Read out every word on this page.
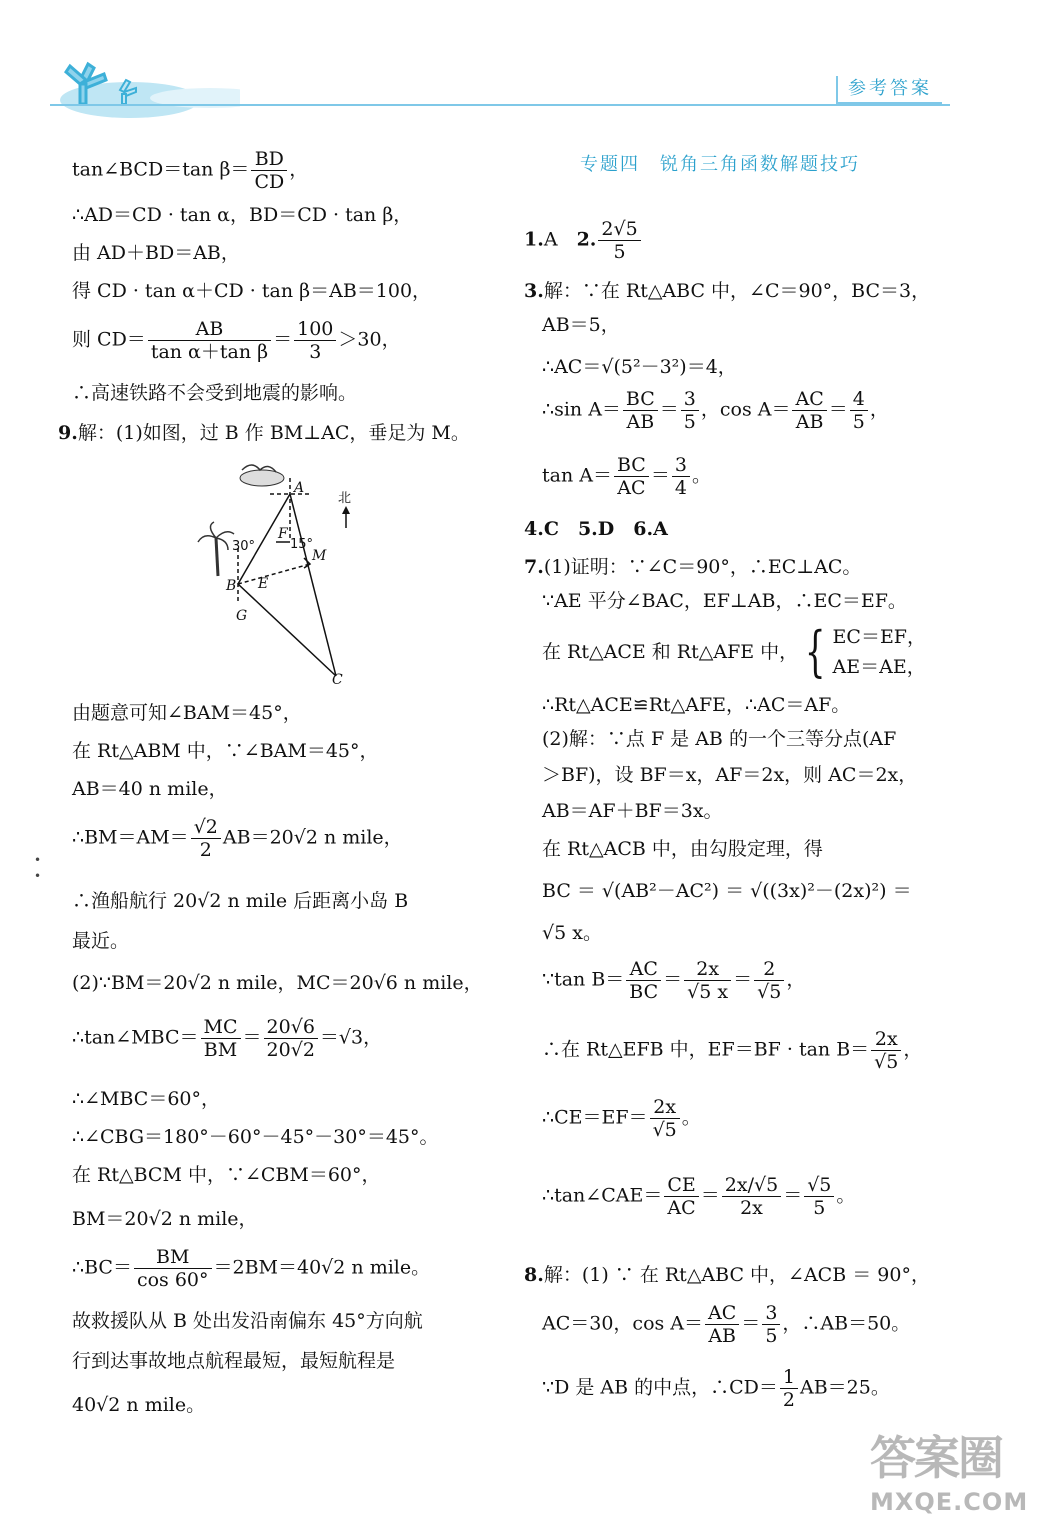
参考答案
tan∠BCD＝tan $\beta= \frac{BD}{CD}$ ，
∴AD＝CD · tan α，BD＝CD · tan β，
由 AD＋BD＝AB，
得 CD · tan α＋CD · tan β＝AB＝100，
则 $CD= \frac{AB}{\text{tan α＋tan β}} = \frac{100}{3} >30$，
∴高速铁路不会受到地震的影响。
9.解：(1)如图，过 B 作 BM⊥AC，垂足为 M。
由题意可知∠BAM＝45°，
在 Rt△ABM 中，∵∠BAM＝45°，
AB＝40 n mile，
∴BM＝AM＝ $\frac{√2}{2} AB=20√2$ n mile，
∴渔船航行 20√2 n mile 后距离小岛 B
最近。
(2)∵BM＝20√2 n mile，MC＝20√6 n mile，
∴tan∠MBC＝ $\frac{MC}{BM} = \frac{20√6}{20√2} =√3$，
∴∠MBC＝60°，
∴∠CBG＝180°－60°－45°－30°＝45°。
在 Rt△BCM 中，∵∠CBM＝60°，
BM＝20√2 n mile，
∴BC＝ $\frac{BM}{\cos 60^\circ} =2BM=40√2$ n mile。
故救援队从 B 处出发沿南偏东 45°方向航
行到达事故地点航程最短，最短航程是
40√2 n mile。
A
B
C
E
F
G
M
北
30°	15°
•
•
专题四　锐角三角函数解题技巧
1.A　2. $\frac{2√5}{5}$
3.解：∵在 Rt△ABC 中，∠C＝90°，BC＝3，
AB＝5，
∴AC＝√(5²－3²)＝4，
∴sin $A= \frac{BC}{AB} = \frac{3}{5}$ ，$\cos A= \frac{AC}{AB} = \frac{4}{5}$ ，
$\tan A= \frac{BC}{AC} = \frac{3}{4}$ 。
4.C　5.D　6.A
7.(1)证明：∵∠C＝90°，∴EC⊥AC。
∵AE 平分∠BAC，EF⊥AB，∴EC＝EF。
在 Rt△ACE 和 Rt△AFE 中， { EC＝EF，
AE＝AE，
∴Rt△ACE≌Rt△AFE，∴AC＝AF。
(2)解：∵点 F 是 AB 的一个三等分点(AF
＞BF)，设 BF＝x，AF＝2x，则 AC＝2x，
AB＝AF＋BF＝3x。
在 Rt△ACB 中，由勾股定理，得
BC ＝ √(AB²－AC²) ＝ √((3x)²－(2x)²) ＝
√5 x。
∵tan $B= \frac{AC}{BC} = \frac{2x}{√5 x} = \frac{2}{√5}$ ，
∴在 Rt△EFB 中，$EF=BF \cdot \tan B= \frac{2x}{√5}$ ，
∴CE＝EF＝ $\frac{2x}{√5}$ 。
∴tan∠CAE＝ $\frac{CE}{AC} = \frac{2x/√5}{2x} = \frac{√5}{5}$ 。
8.解：(1) ∵ 在 Rt△ABC 中，∠ACB ＝ 90°，
AC＝30，$\cos A= \frac{AC}{AB} = \frac{3}{5}$ ，∴AB＝50。
∵D 是 AB 的中点，∴CD＝ $\frac{1}{2} AB=25$。
答案圈
MXQE.COM
